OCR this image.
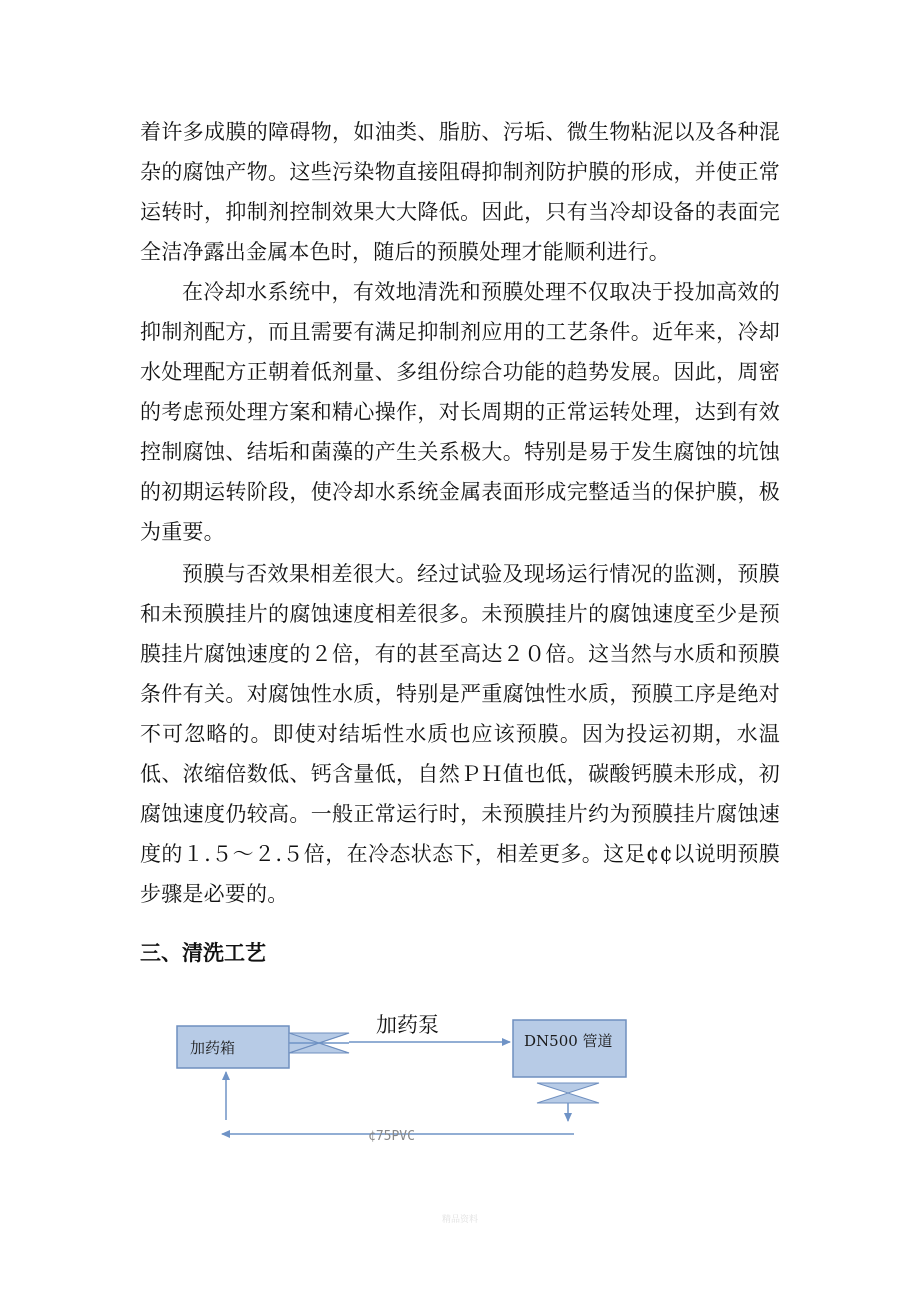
着许多成膜的障碍物，如油类、脂肪、污垢、微生物粘泥以及各种混杂的腐蚀产物。这些污染物直接阻碍抑制剂防护膜的形成，并使正常运转时，抑制剂控制效果大大降低。因此，只有当冷却设备的表面完全洁净露出金属本色时，随后的预膜处理才能顺利进行。

在冷却水系统中，有效地清洗和预膜处理不仅取决于投加高效的抑制剂配方，而且需要有满足抑制剂应用的工艺条件。近年来，冷却水处理配方正朝着低剂量、多组份综合功能的趋势发展。因此，周密的考虑预处理方案和精心操作，对长周期的正常运转处理，达到有效控制腐蚀、结垢和菌藻的产生关系极大。特别是易于发生腐蚀的坑蚀的初期运转阶段，使冷却水系统金属表面形成完整适当的保护膜，极为重要。

预膜与否效果相差很大。经过试验及现场运行情况的监测，预膜和未预膜挂片的腐蚀速度相差很多。未预膜挂片的腐蚀速度至少是预膜挂片腐蚀速度的２倍，有的甚至高达２０倍。这当然与水质和预膜条件有关。对腐蚀性水质，特别是严重腐蚀性水质，预膜工序是绝对不可忽略的。即使对结垢性水质也应该预膜。因为投运初期，水温低、浓缩倍数低、钙含量低，自然ＰＨ值也低，碳酸钙膜未形成，初腐蚀速度仍较高。一般正常运行时，未预膜挂片约为预膜挂片腐蚀速度的１.５～２.５倍，在冷态状态下，相差更多。这足¢¢以说明预膜步骤是必要的。

三、清洗工艺
加药箱
加药泵
DN500 管道
¢75PVC
精品资料
